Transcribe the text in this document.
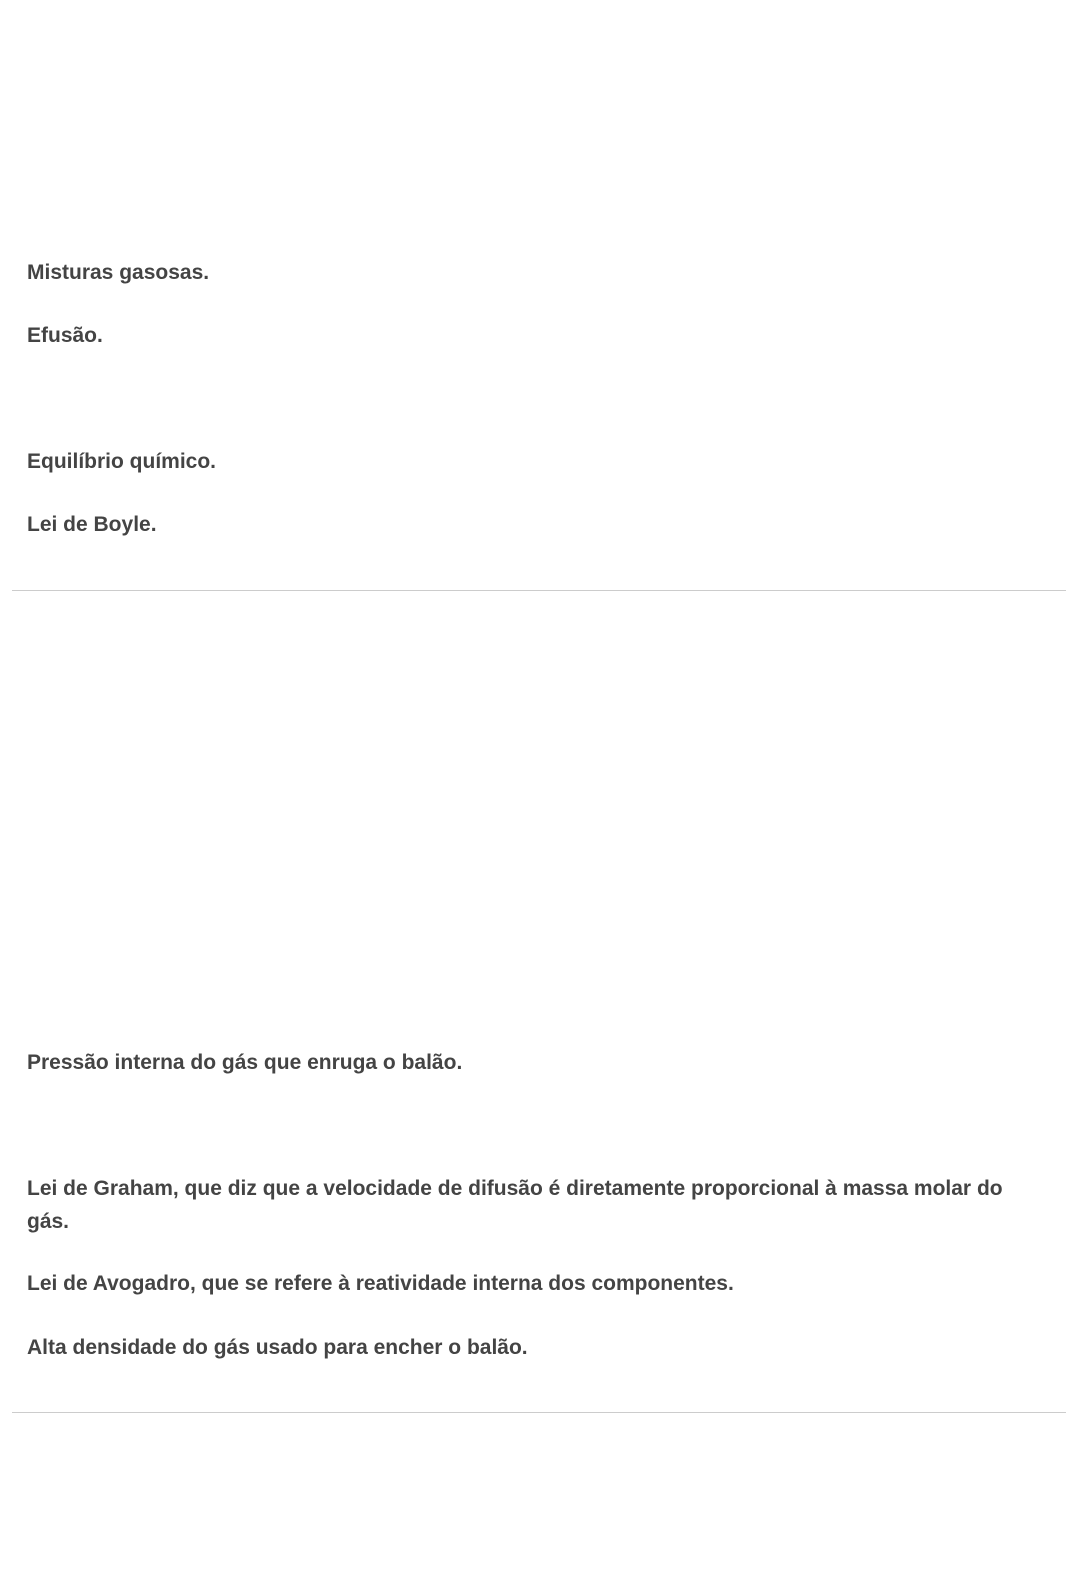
Misturas gasosas.

Efusão.

Equilíbrio químico.

Lei de Boyle.

Pressão interna do gás que enruga o balão.

Lei de Graham, que diz que a velocidade de difusão é diretamente proporcional à massa molar do gás.

Lei de Avogadro, que se refere à reatividade interna dos componentes.

Alta densidade do gás usado para encher o balão.
